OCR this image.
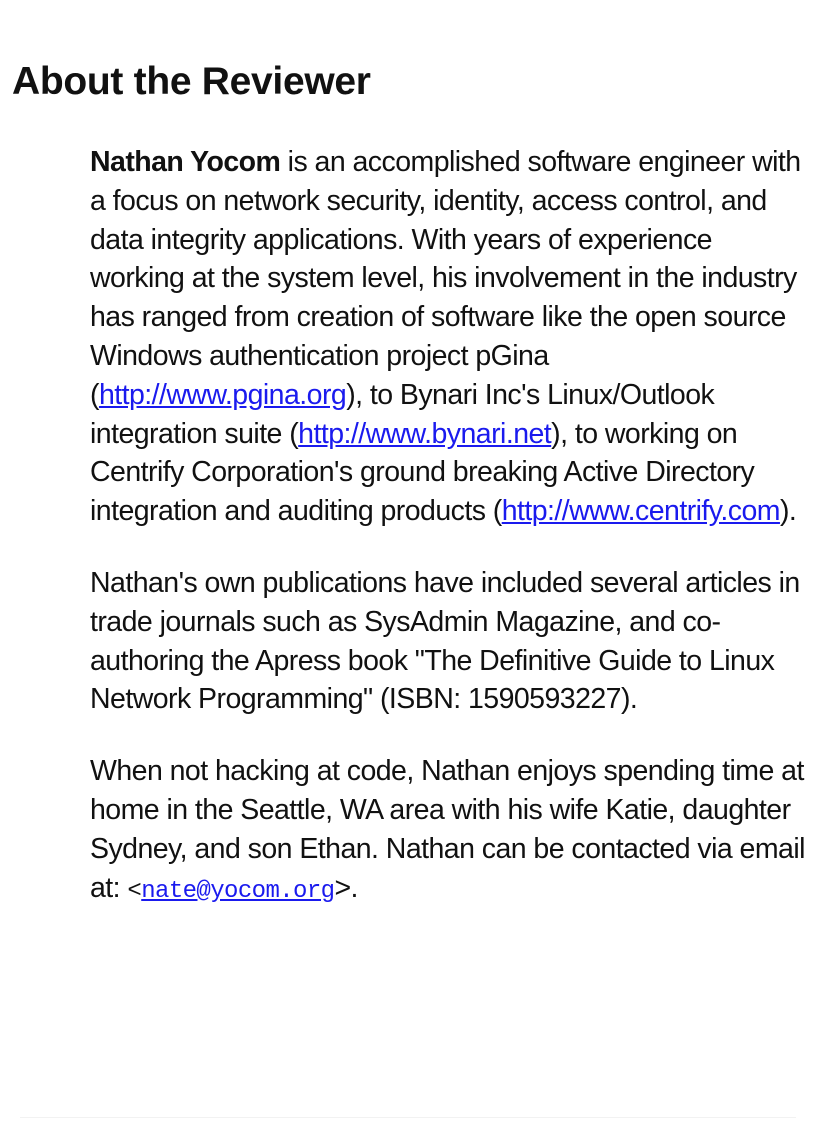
About the Reviewer

Nathan Yocom is an accomplished software engineer with a focus on network security, identity, access control, and data integrity applications. With years of experience working at the system level, his involvement in the industry has ranged from creation of software like the open source Windows authentication project pGina (http://www.pgina.org), to Bynari Inc's Linux/Outlook integration suite (http://www.bynari.net), to working on Centrify Corporation's ground breaking Active Directory integration and auditing products (http://www.centrify.com).

Nathan's own publications have included several articles in trade journals such as SysAdmin Magazine, and co-authoring the Apress book "The Definitive Guide to Linux Network Programming" (ISBN: 1590593227).

When not hacking at code, Nathan enjoys spending time at home in the Seattle, WA area with his wife Katie, daughter Sydney, and son Ethan. Nathan can be contacted via email at: <nate@yocom.org>.
